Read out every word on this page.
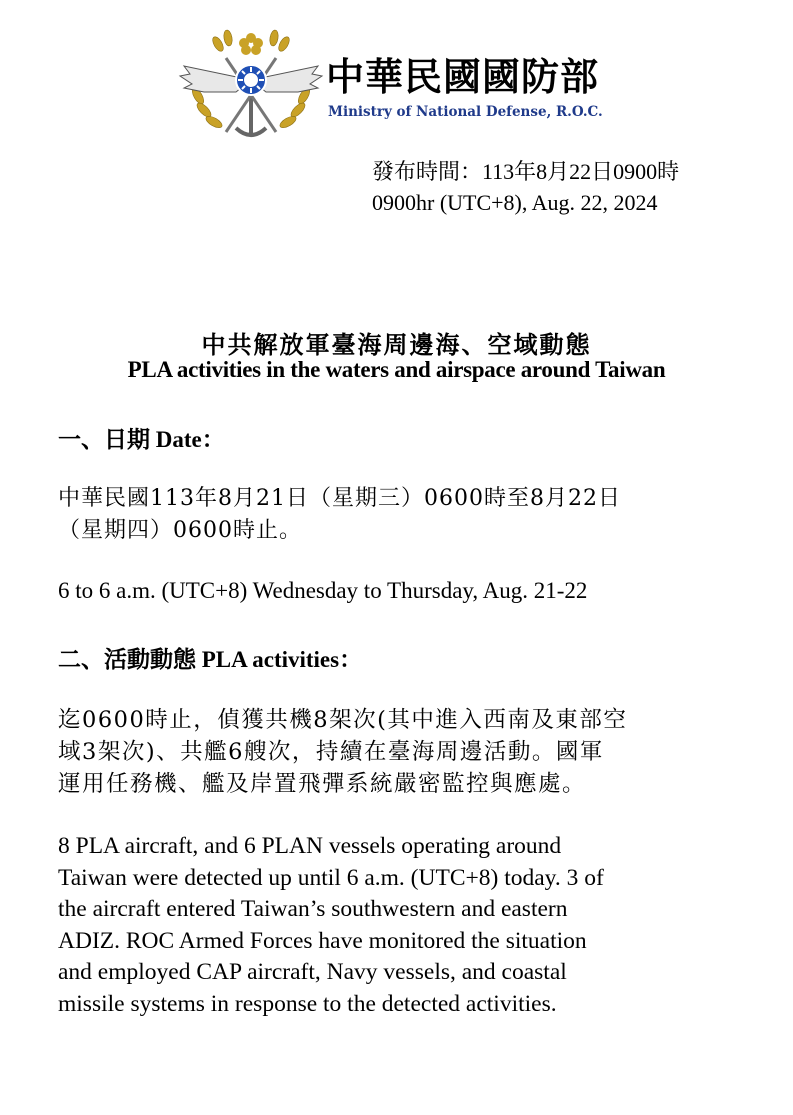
中華民國國防部
Ministry of National Defense, R.O.C.
發布時間：113年8月22日0900時
0900hr (UTC+8), Aug. 22, 2024
中共解放軍臺海周邊海、空域動態
PLA activities in the waters and airspace around Taiwan
一、日期 Date：
中華民國113年8月21日（星期三）0600時至8月22日
（星期四）0600時止。
6 to 6 a.m. (UTC+8) Wednesday to Thursday, Aug. 21-22
二、活動動態 PLA activities：
迄0600時止，偵獲共機8架次(其中進入西南及東部空
域3架次)、共艦6艘次，持續在臺海周邊活動。國軍
運用任務機、艦及岸置飛彈系統嚴密監控與應處。
8 PLA aircraft, and 6 PLAN vessels operating around
Taiwan were detected up until 6 a.m. (UTC+8) today. 3 of
the aircraft entered Taiwan’s southwestern and eastern
ADIZ. ROC Armed Forces have monitored the situation
and employed CAP aircraft, Navy vessels, and coastal
missile systems in response to the detected activities.
